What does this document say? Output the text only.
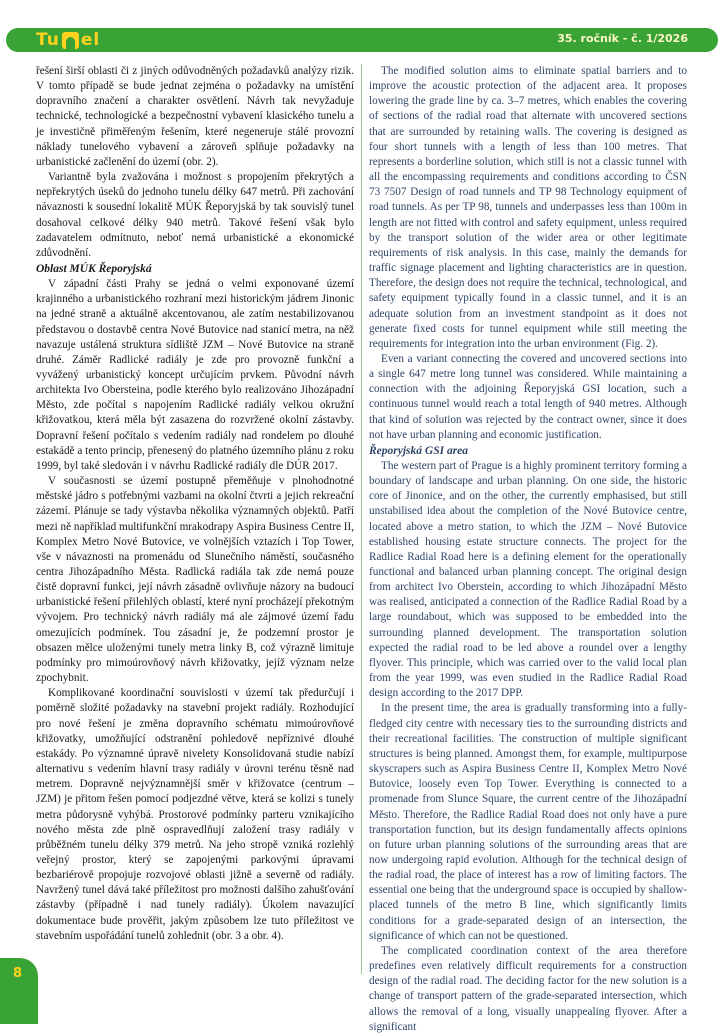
Tu el	35. ročník - č. 1/2026

řešení širší oblasti či z jiných odůvodněných požadavků analýzy rizik. V tomto případě se bude jednat zejména o požadavky na umístění dopravního značení a charakter osvětlení. Návrh tak nevyžaduje technické, technologické a bezpečnostní vybavení klasického tunelu a je investičně přiměřeným řešením, které negeneruje stálé provozní náklady tunelového vybavení a zároveň splňuje požadavky na urbanistické začlenění do území (obr. 2).

Variantně byla zvažována i možnost s propojením překrytých a nepřekrytých úseků do jednoho tunelu délky 647 metrů. Při zachování návaznosti k sousední lokalitě MÚK Řeporyjská by tak souvislý tunel dosahoval celkové délky 940 metrů. Takové řešení však bylo zadavatelem odmítnuto, neboť nemá urbanistické a ekonomické zdůvodnění.

Oblast MÚK Řeporyjská

V západní části Prahy se jedná o velmi exponované území krajinného a urbanistického rozhraní mezi historickým jádrem Jinonic na jedné straně a aktuálně akcentovanou, ale zatím nestabilizovanou představou o dostavbě centra Nové Butovice nad stanicí metra, na něž navazuje ustálená struktura sídliště JZM – Nové Butovice na straně druhé. Záměr Radlické radiály je zde pro provozně funkční a vyvážený urbanistický koncept určujícím prvkem. Původní návrh architekta Ivo Obersteina, podle kterého bylo realizováno Jihozápadní Město, zde počítal s napojením Radlické radiály velkou okružní křižovatkou, která měla být zasazena do rozvržené okolní zástavby. Dopravní řešení počítalo s vedením radiály nad rondelem po dlouhé estakádě a tento princip, přenesený do platného územního plánu z roku 1999, byl také sledován i v návrhu Radlické radiály dle DÚR 2017.

V současnosti se území postupně přeměňuje v plnohodnotné městské jádro s potřebnými vazbami na okolní čtvrti a jejich rekreační zázemí. Plánuje se tady výstavba několika významných objektů. Patří mezi ně například multifunkční mrakodrapy Aspira Business Centre II, Komplex Metro Nové Butovice, ve volnějších vztazích i Top Tower, vše v návaznosti na promenádu od Slunečního náměstí, současného centra Jihozápadního Města. Radlická radiála tak zde nemá pouze čistě dopravní funkci, její návrh zásadně ovlivňuje názory na budoucí urbanistické řešení přilehlých oblastí, které nyní procházejí překotným vývojem. Pro technický návrh radiály má ale zájmové území řadu omezujících podmínek. Tou zásadní je, že podzemní prostor je obsazen mělce uloženými tunely metra linky B, což výrazně limituje podmínky pro mimoúrovňový návrh křižovatky, jejíž význam nelze zpochybnit.

Komplikované koordinační souvislosti v území tak předurčují i poměrně složité požadavky na stavební projekt radiály. Rozhodující pro nové řešení je změna dopravního schématu mimoúrovňové křižovatky, umožňující odstranění pohledově nepříznivé dlouhé estakády. Po významné úpravě nivelety Konsolidovaná studie nabízí alternativu s vedením hlavní trasy radiály v úrovni terénu těsně nad metrem. Dopravně nejvýznamnější směr v křižovatce (centrum – JZM) je přitom řešen pomocí podjezdné větve, která se kolizi s tunely metra půdorysně vyhýbá. Prostorové podmínky parteru vznikajícího nového města zde plně ospravedlňují založení trasy radiály v průběžném tunelu délky 379 metrů. Na jeho stropě vzniká rozlehlý veřejný prostor, který se zapojenými parkovými úpravami bezbariérově propojuje rozvojové oblasti jižně a severně od radiály. Navržený tunel dává také příležitost pro možnosti dalšího zahušťování zástavby (případně i nad tunely radiály). Úkolem navazující dokumentace bude prověřit, jakým způsobem lze tuto příležitost ve stavebním uspořádání tunelů zohlednit (obr. 3 a obr. 4).

The modified solution aims to eliminate spatial barriers and to improve the acoustic protection of the adjacent area. It proposes lowering the grade line by ca. 3–7 metres, which enables the covering of sections of the radial road that alternate with uncovered sections that are surrounded by retaining walls. The covering is designed as four short tunnels with a length of less than 100 metres. That represents a borderline solution, which still is not a classic tunnel with all the encompassing requirements and conditions according to ČSN 73 7507 Design of road tunnels and TP 98 Technology equipment of road tunnels. As per TP 98, tunnels and underpasses less than 100m in length are not fitted with control and safety equipment, unless required by the transport solution of the wider area or other legitimate requirements of risk analysis. In this case, mainly the demands for traffic signage placement and lighting characteristics are in question. Therefore, the design does not require the technical, technological, and safety equipment typically found in a classic tunnel, and it is an adequate solution from an investment standpoint as it does not generate fixed costs for tunnel equipment while still meeting the requirements for integration into the urban environment (Fig. 2).

Even a variant connecting the covered and uncovered sections into a single 647 metre long tunnel was considered. While maintaining a connection with the adjoining Řeporyjská GSI location, such a continuous tunnel would reach a total length of 940 metres. Although that kind of solution was rejected by the contract owner, since it does not have urban planning and economic justification.

Řeporyjská GSI area

The western part of Prague is a highly prominent territory forming a boundary of landscape and urban planning. On one side, the historic core of Jinonice, and on the other, the currently emphasised, but still unstabilised idea about the completion of the Nové Butovice centre, located above a metro station, to which the JZM – Nové Butovice established housing estate structure connects. The project for the Radlice Radial Road here is a defining element for the operationally functional and balanced urban planning concept. The original design from architect Ivo Oberstein, according to which Jihozápadní Město was realised, anticipated a connection of the Radlice Radial Road by a large roundabout, which was supposed to be embedded into the surrounding planned development. The transportation solution expected the radial road to be led above a roundel over a lengthy flyover. This principle, which was carried over to the valid local plan from the year 1999, was even studied in the Radlice Radial Road design according to the 2017 DPP.

In the present time, the area is gradually transforming into a fully-fledged city centre with necessary ties to the surrounding districts and their recreational facilities. The construction of multiple significant structures is being planned. Amongst them, for example, multipurpose skyscrapers such as Aspira Business Centre II, Komplex Metro Nové Butovice, loosely even Top Tower. Everything is connected to a promenade from Slunce Square, the current centre of the Jihozápadní Město. Therefore, the Radlice Radial Road does not only have a pure transportation function, but its design fundamentally affects opinions on future urban planning solutions of the surrounding areas that are now undergoing rapid evolution. Although for the technical design of the radial road, the place of interest has a row of limiting factors. The essential one being that the underground space is occupied by shallow-placed tunnels of the metro B line, which significantly limits conditions for a grade-separated design of an intersection, the significance of which can not be questioned.

The complicated coordination context of the area therefore predefines even relatively difficult requirements for a construction design of the radial road. The deciding factor for the new solution is a change of transport pattern of the grade-separated intersection, which allows the removal of a long, visually unappealing flyover. After a significant

8
